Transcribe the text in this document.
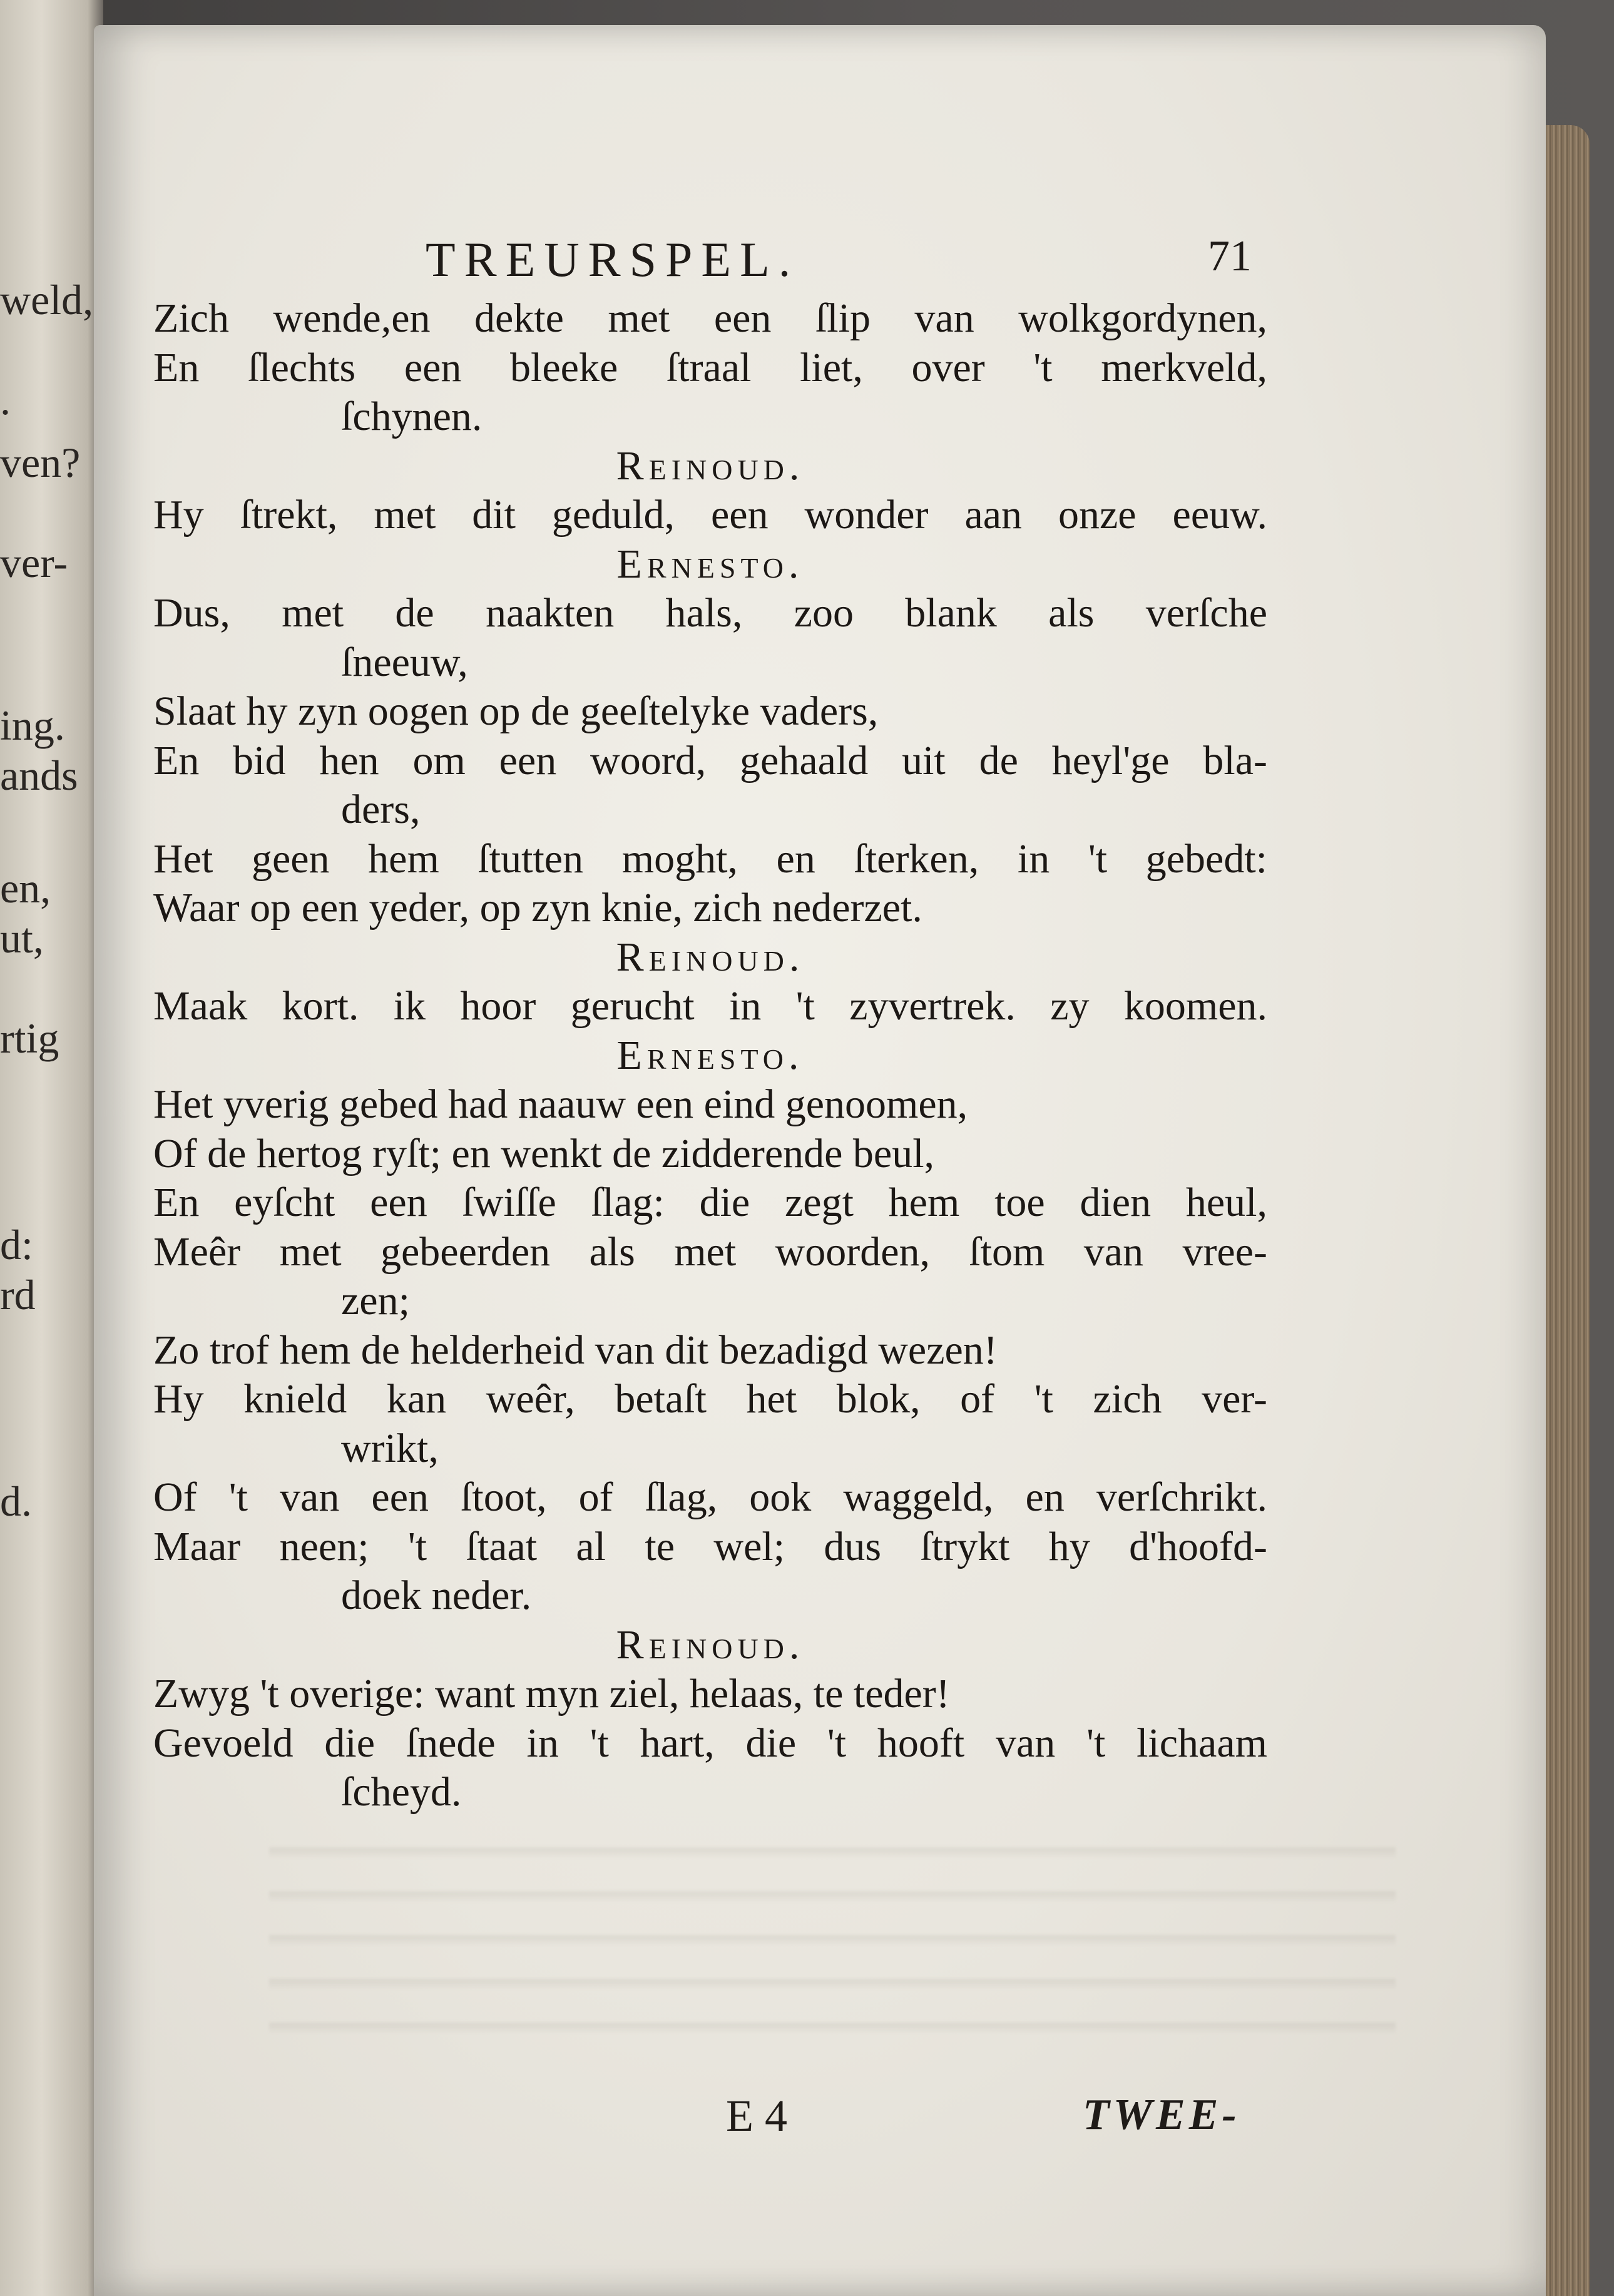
weld,
.
ven?
ver-
ing.
ands
en,
ut,
rtig
d:
rd
d.
TREURSPEL.	71
Zich wende,en dekte met een ſlip van wolkgordynen,
En ſlechts een bleeke ſtraal liet, over 't merkveld,
ſchynen.
Reinoud.
Hy ſtrekt, met dit geduld, een wonder aan onze eeuw.
Ernesto.
Dus, met de naakten hals, zoo blank als verſche
ſneeuw,
Slaat hy zyn oogen op de geeſtelyke vaders,
En bid hen om een woord, gehaald uit de heyl'ge bla-
ders,
Het geen hem ſtutten moght, en ſterken, in 't gebedt:
Waar op een yeder, op zyn knie, zich nederzet.
Reinoud.
Maak kort. ik hoor gerucht in 't zyvertrek. zy koomen.
Ernesto.
Het yverig gebed had naauw een eind genoomen,
Of de hertog ryſt; en wenkt de zidderende beul,
En eyſcht een ſwiſſe ſlag: die zegt hem toe dien heul,
Meêr met gebeerden als met woorden, ſtom van vree-
zen;
Zo trof hem de helderheid van dit bezadigd wezen!
Hy knield kan weêr, betaſt het blok, of 't zich ver-
wrikt,
Of 't van een ſtoot, of ſlag, ook waggeld, en verſchrikt.
Maar neen; 't ſtaat al te wel; dus ſtrykt hy d'hoofd-
doek neder.
Reinoud.
Zwyg 't overige: want myn ziel, helaas, te teder!
Gevoeld die ſnede in 't hart, die 't hooft van 't lichaam
ſcheyd.
E 4	TWEE-
